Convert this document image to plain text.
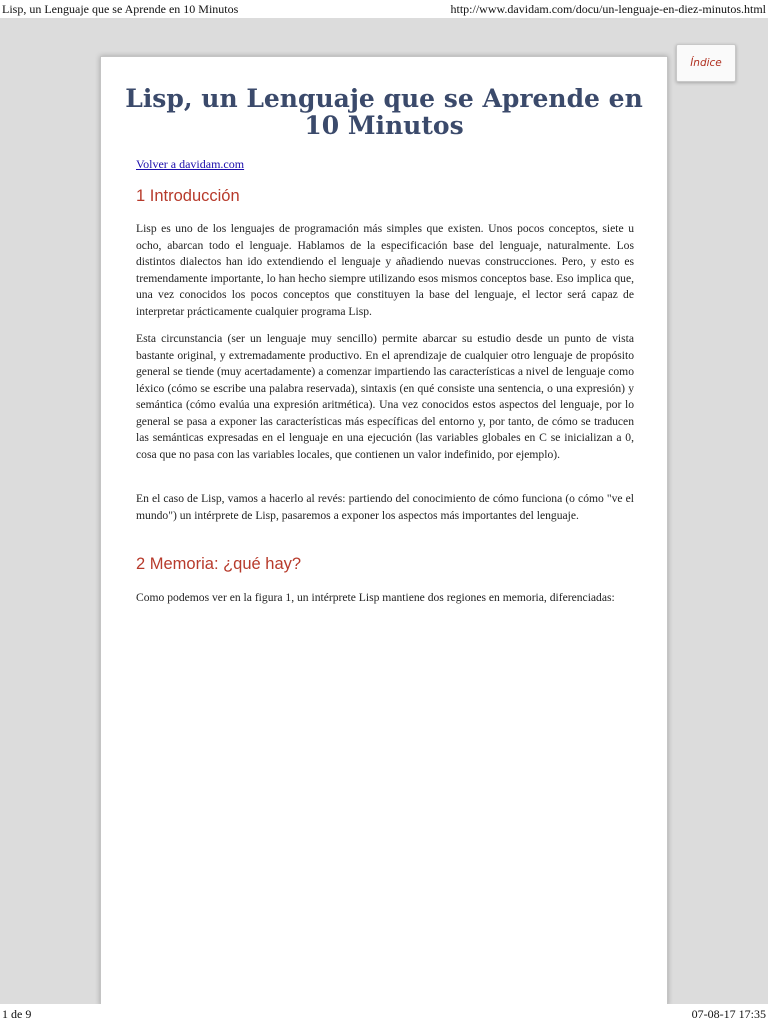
Lisp, un Lenguaje que se Aprende en 10 Minutos	http://www.davidam.com/docu/un-lenguaje-en-diez-minutos.html
Índice
Lisp, un Lenguaje que se Aprende en 10 Minutos
Volver a davidam.com
1 Introducción

Lisp es uno de los lenguajes de programación más simples que existen. Unos pocos conceptos, siete u ocho, abarcan todo el lenguaje. Hablamos de la especificación base del lenguaje, naturalmente. Los distintos dialectos han ido extendiendo el lenguaje y añadiendo nuevas construcciones. Pero, y esto es tremendamente importante, lo han hecho siempre utilizando esos mismos conceptos base. Eso implica que, una vez conocidos los pocos conceptos que constituyen la base del lenguaje, el lector será capaz de interpretar prácticamente cualquier programa Lisp.

Esta circunstancia (ser un lenguaje muy sencillo) permite abarcar su estudio desde un punto de vista bastante original, y extremadamente productivo. En el aprendizaje de cualquier otro lenguaje de propósito general se tiende (muy acertadamente) a comenzar impartiendo las características a nivel de lenguaje como léxico (cómo se escribe una palabra reservada), sintaxis (en qué consiste una sentencia, o una expresión) y semántica (cómo evalúa una expresión aritmética). Una vez conocidos estos aspectos del lenguaje, por lo general se pasa a exponer las características más específicas del entorno y, por tanto, de cómo se traducen las semánticas expresadas en el lenguaje en una ejecución (las variables globales en C se inicializan a 0, cosa que no pasa con las variables locales, que contienen un valor indefinido, por ejemplo).

En el caso de Lisp, vamos a hacerlo al revés: partiendo del conocimiento de cómo funciona (o cómo "ve el mundo") un intérprete de Lisp, pasaremos a exponer los aspectos más importantes del lenguaje.

2 Memoria: ¿qué hay?

Como podemos ver en la figura 1, un intérprete Lisp mantiene dos regiones en memoria, diferenciadas:

1 de 9	07-08-17 17:35
